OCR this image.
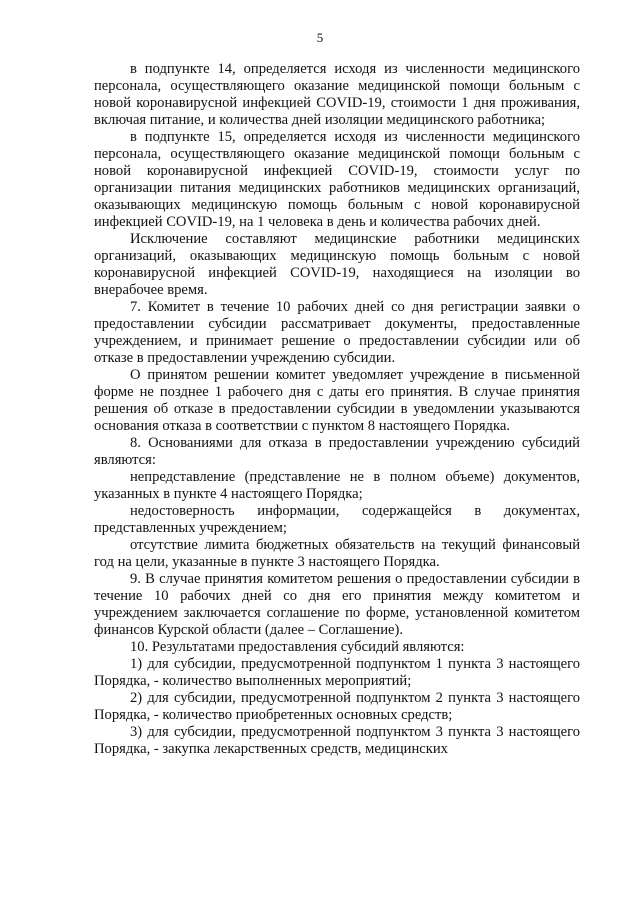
5

в подпункте 14, определяется исходя из численности медицинского персонала, осуществляющего оказание медицинской помощи больным с новой коронавирусной инфекцией COVID-19, стоимости 1 дня проживания, включая питание, и количества дней изоляции медицинского работника;

в подпункте 15, определяется исходя из численности медицинского персонала, осуществляющего оказание медицинской помощи больным с новой коронавирусной инфекцией COVID-19, стоимости услуг по организации питания медицинских работников медицинских организаций, оказывающих медицинскую помощь больным с новой коронавирусной инфекцией COVID-19, на 1 человека в день и количества рабочих дней.

Исключение составляют медицинские работники медицинских организаций, оказывающих медицинскую помощь больным с новой коронавирусной инфекцией COVID-19, находящиеся на изоляции во внерабочее время.

7. Комитет в течение 10 рабочих дней со дня регистрации заявки о предоставлении субсидии рассматривает документы, предоставленные учреждением, и принимает решение о предоставлении субсидии или об отказе в предоставлении учреждению субсидии.

О принятом решении комитет уведомляет учреждение в письменной форме не позднее 1 рабочего дня с даты его принятия. В случае принятия решения об отказе в предоставлении субсидии в уведомлении указываются основания отказа в соответствии с пунктом 8 настоящего Порядка.

8. Основаниями для отказа в предоставлении учреждению субсидий являются:

непредставление (представление не в полном объеме) документов, указанных в пункте 4 настоящего Порядка;

недостоверность информации, содержащейся в документах, представленных учреждением;

отсутствие лимита бюджетных обязательств на текущий финансовый год на цели, указанные в пункте 3 настоящего Порядка.

9. В случае принятия комитетом решения о предоставлении субсидии в течение 10 рабочих дней со дня его принятия между комитетом и учреждением заключается соглашение по форме, установленной комитетом финансов Курской области (далее – Соглашение).

10. Результатами предоставления субсидий являются:

1) для субсидии, предусмотренной подпунктом 1 пункта 3 настоящего Порядка, - количество выполненных мероприятий;

2) для субсидии, предусмотренной подпунктом 2 пункта 3 настоящего Порядка, - количество приобретенных основных средств;

3) для субсидии, предусмотренной подпунктом 3 пункта 3 настоящего Порядка, - закупка лекарственных средств, медицинских
